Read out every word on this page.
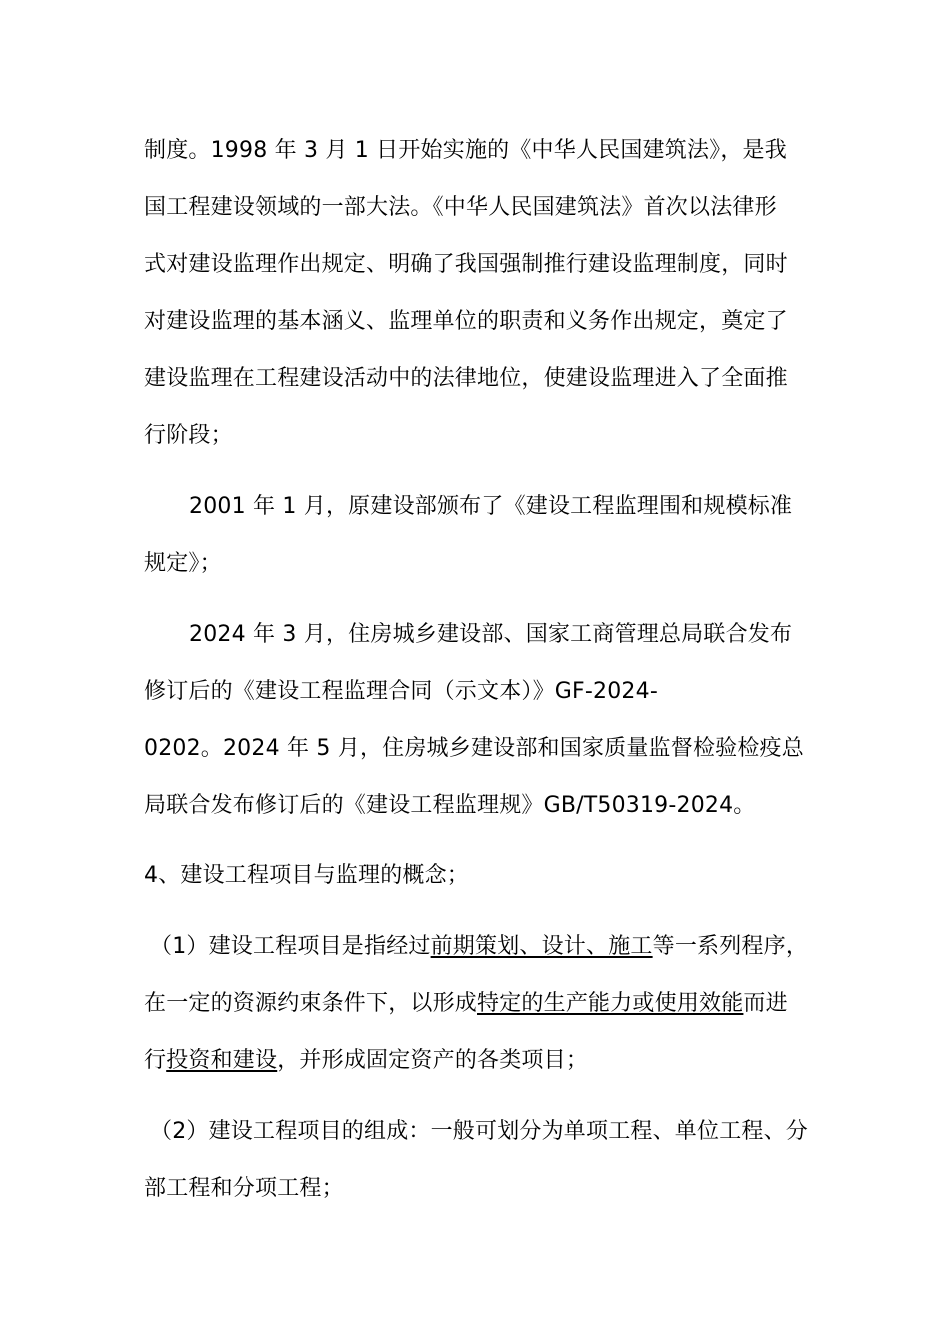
制度。1998 年 3 月 1 日开始实施的《中华人民国建筑法》，是我
国工程建设领域的一部大法。《中华人民国建筑法》首次以法律形
式对建设监理作出规定、明确了我国强制推行建设监理制度，同时
对建设监理的基本涵义、监理单位的职责和义务作出规定，奠定了
建设监理在工程建设活动中的法律地位，使建设监理进入了全面推
行阶段；
2001 年 1 月，原建设部颁布了《建设工程监理围和规模标准
规定》；
2024 年 3 月，住房城乡建设部、国家工商管理总局联合发布
修订后的《建设工程监理合同（示文本）》GF-2024-
0202。2024 年 5 月，住房城乡建设部和国家质量监督检验检疫总
局联合发布修订后的《建设工程监理规》GB/T50319-2024。
4、建设工程项目与监理的概念；
（1）建设工程项目是指经过前期策划、设计、施工等一系列程序，
在一定的资源约束条件下，以形成特定的生产能力或使用效能而进
行投资和建设，并形成固定资产的各类项目；
（2）建设工程项目的组成：一般可划分为单项工程、单位工程、分
部工程和分项工程；
